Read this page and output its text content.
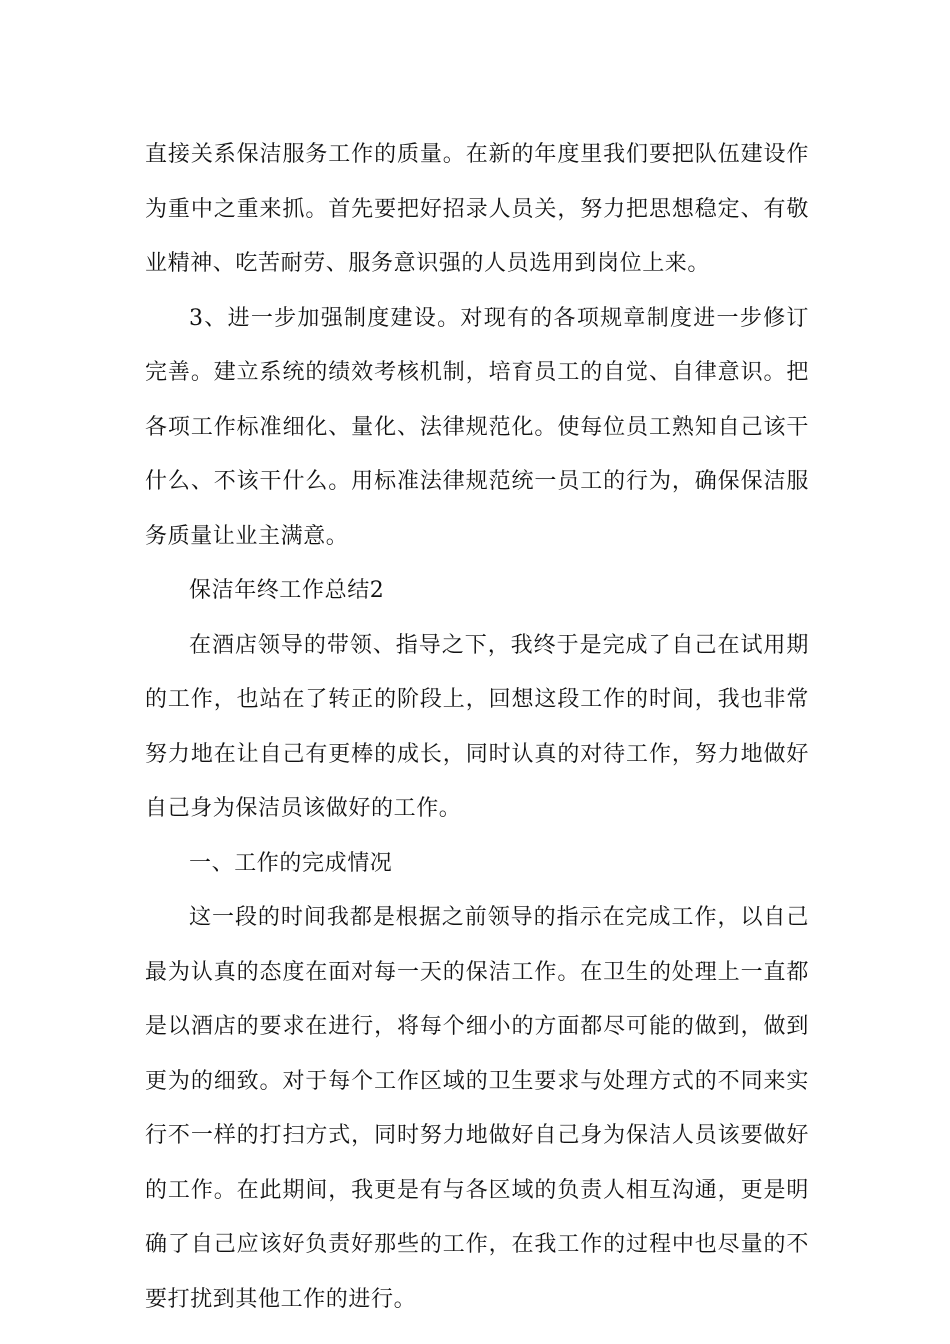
直接关系保洁服务工作的质量。在新的年度里我们要把队伍建设作为重中之重来抓。首先要把好招录人员关，努力把思想稳定、有敬业精神、吃苦耐劳、服务意识强的人员选用到岗位上来。

3、进一步加强制度建设。对现有的各项规章制度进一步修订完善。建立系统的绩效考核机制，培育员工的自觉、自律意识。把各项工作标准细化、量化、法律规范化。使每位员工熟知自己该干什么、不该干什么。用标准法律规范统一员工的行为，确保保洁服务质量让业主满意。

保洁年终工作总结2

在酒店领导的带领、指导之下，我终于是完成了自己在试用期的工作，也站在了转正的阶段上，回想这段工作的时间，我也非常努力地在让自己有更棒的成长，同时认真的对待工作，努力地做好自己身为保洁员该做好的工作。

一、工作的完成情况

这一段的时间我都是根据之前领导的指示在完成工作，以自己最为认真的态度在面对每一天的保洁工作。在卫生的处理上一直都是以酒店的要求在进行，将每个细小的方面都尽可能的做到，做到更为的细致。对于每个工作区域的卫生要求与处理方式的不同来实行不一样的打扫方式，同时努力地做好自己身为保洁人员该要做好的工作。在此期间，我更是有与各区域的负责人相互沟通，更是明确了自己应该好负责好那些的工作，在我工作的过程中也尽量的不要打扰到其他工作的进行。
